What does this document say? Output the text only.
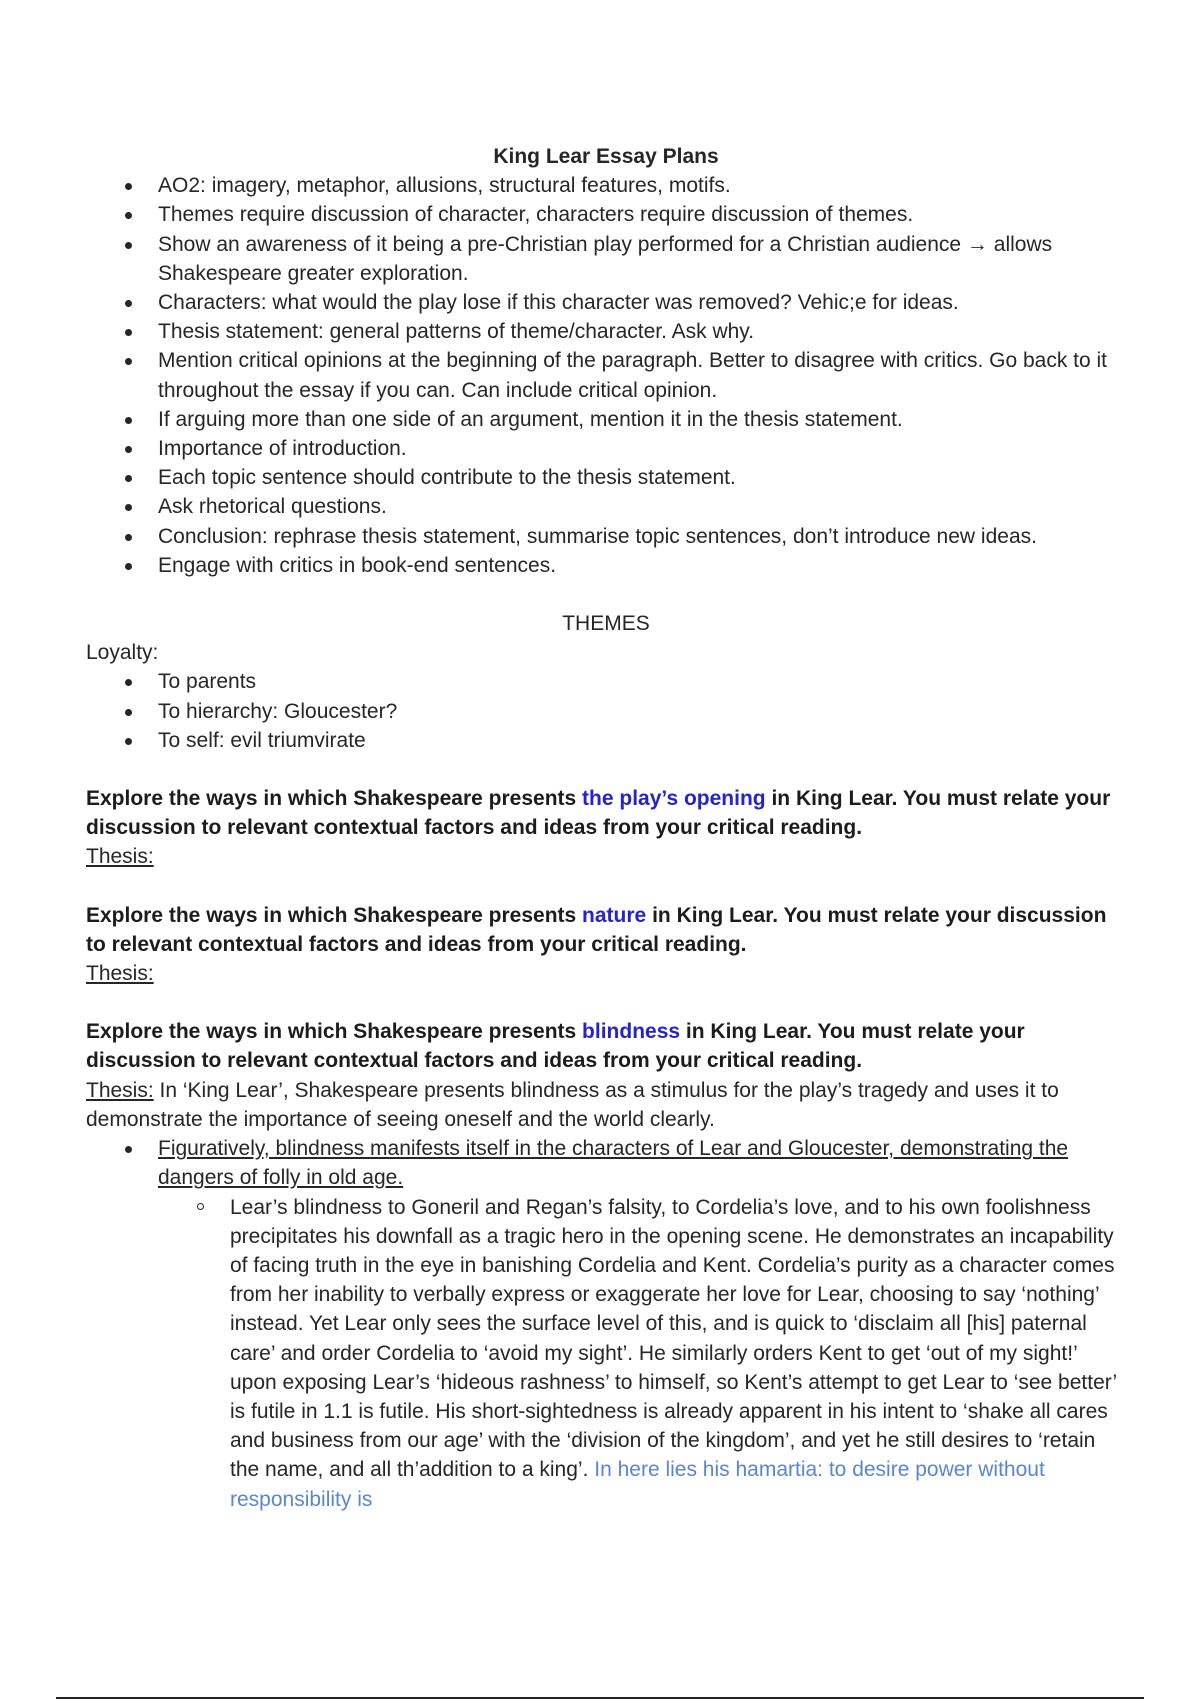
King Lear Essay Plans
AO2: imagery, metaphor, allusions, structural features, motifs.
Themes require discussion of character, characters require discussion of themes.
Show an awareness of it being a pre-Christian play performed for a Christian audience → allows Shakespeare greater exploration.
Characters: what would the play lose if this character was removed? Vehic;e for ideas.
Thesis statement: general patterns of theme/character. Ask why.
Mention critical opinions at the beginning of the paragraph. Better to disagree with critics. Go back to it throughout the essay if you can. Can include critical opinion.
If arguing more than one side of an argument, mention it in the thesis statement.
Importance of introduction.
Each topic sentence should contribute to the thesis statement.
Ask rhetorical questions.
Conclusion: rephrase thesis statement, summarise topic sentences, don’t introduce new ideas.
Engage with critics in book-end sentences.
THEMES
Loyalty:
To parents
To hierarchy: Gloucester?
To self: evil triumvirate
Explore the ways in which Shakespeare presents the play’s opening in King Lear. You must relate your discussion to relevant contextual factors and ideas from your critical reading.
Thesis:
Explore the ways in which Shakespeare presents nature in King Lear. You must relate your discussion to relevant contextual factors and ideas from your critical reading.
Thesis:
Explore the ways in which Shakespeare presents blindness in King Lear. You must relate your discussion to relevant contextual factors and ideas from your critical reading.
Thesis: In ‘King Lear’, Shakespeare presents blindness as a stimulus for the play’s tragedy and uses it to demonstrate the importance of seeing oneself and the world clearly.
Figuratively, blindness manifests itself in the characters of Lear and Gloucester, demonstrating the dangers of folly in old age.
Lear’s blindness to Goneril and Regan’s falsity, to Cordelia’s love, and to his own foolishness precipitates his downfall as a tragic hero in the opening scene. He demonstrates an incapability of facing truth in the eye in banishing Cordelia and Kent. Cordelia’s purity as a character comes from her inability to verbally express or exaggerate her love for Lear, choosing to say ‘nothing’ instead. Yet Lear only sees the surface level of this, and is quick to ‘disclaim all [his] paternal care’ and order Cordelia to ‘avoid my sight’. He similarly orders Kent to get ‘out of my sight!’ upon exposing Lear’s ‘hideous rashness’ to himself, so Kent’s attempt to get Lear to ‘see better’ is futile in 1.1 is futile. His short-sightedness is already apparent in his intent to ‘shake all cares and business from our age’ with the ‘division of the kingdom’, and yet he still desires to ‘retain the name, and all th’addition to a king’. In here lies his hamartia: to desire power without responsibility is
